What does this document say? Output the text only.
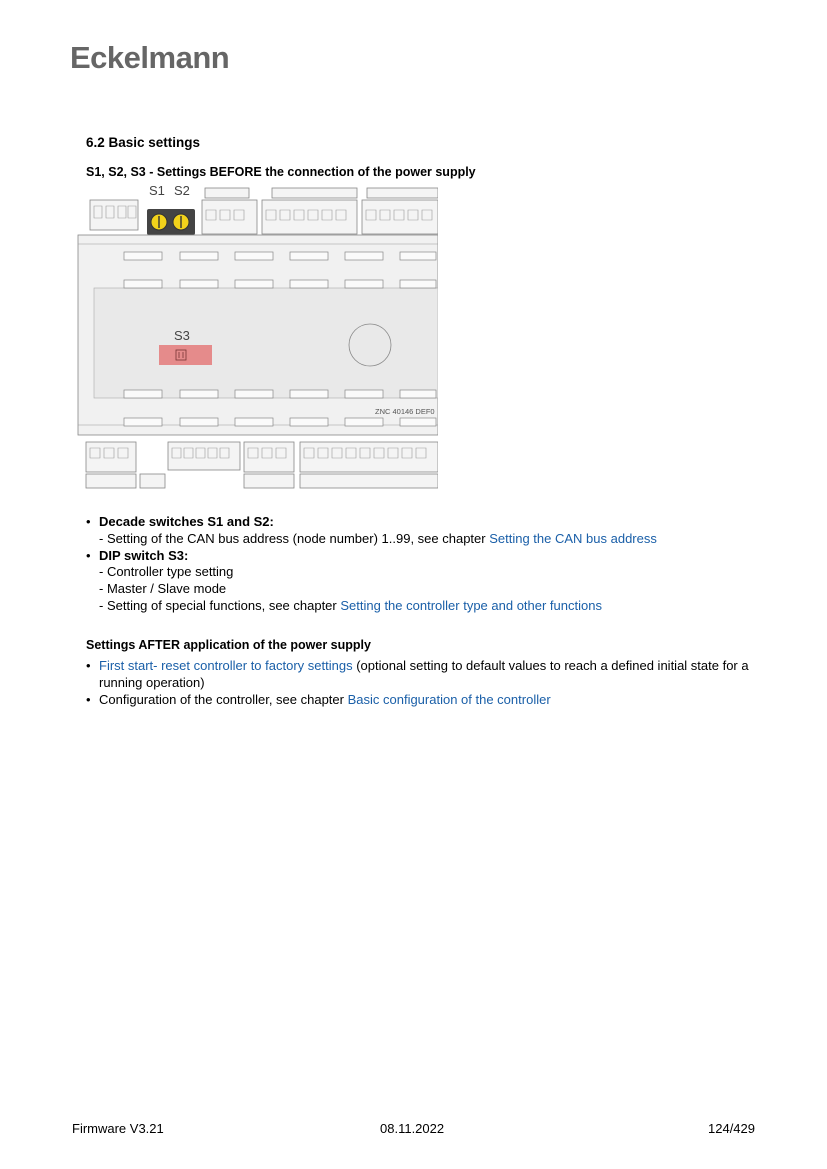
Eckelmann
6.2 Basic settings
S1, S2, S3 - Settings BEFORE the connection of the power supply
S1 S2
S3
ZNC 40146 DEF0
• Decade switches S1 and S2:
- Setting of the CAN bus address (node number) 1..99, see chapter Setting the CAN bus address
• DIP switch S3:
- Controller type setting
- Master / Slave mode
- Setting of special functions, see chapter Setting the controller type and other functions
Settings AFTER application of the power supply
• First start- reset controller to factory settings (optional setting to default values to reach a defined initial state for a running operation)
• Configuration of the controller, see chapter Basic configuration of the controller
Firmware V3.21	08.11.2022	124/429
